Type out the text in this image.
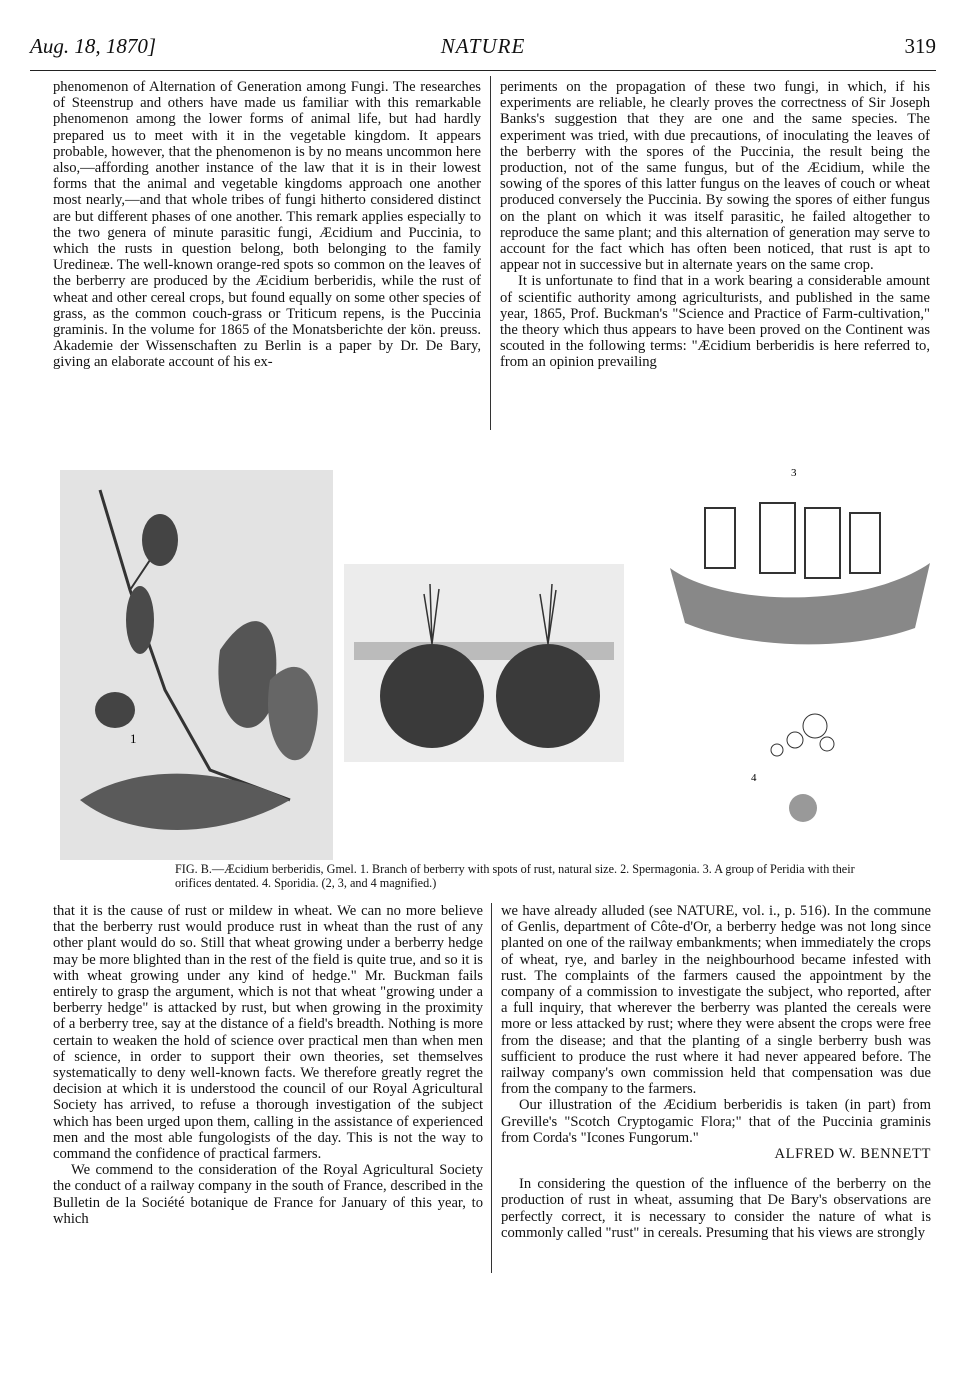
Aug. 18, 1870]	NATURE	319

phenomenon of Alternation of Generation among Fungi. The researches of Steenstrup and others have made us familiar with this remarkable phenomenon among the lower forms of animal life, but had hardly prepared us to meet with it in the vegetable kingdom. It appears probable, however, that the phenomenon is by no means uncommon here also,—affording another instance of the law that it is in their lowest forms that the animal and vegetable kingdoms approach one another most nearly,—and that whole tribes of fungi hitherto considered distinct are but different phases of one another. This remark applies especially to the two genera of minute parasitic fungi, Æcidium and Puccinia, to which the rusts in question belong, both belonging to the family Uredineæ. The well-known orange-red spots so common on the leaves of the berberry are produced by the Æcidium berberidis, while the rust of wheat and other cereal crops, but found equally on some other species of grass, as the common couch-grass or Triticum repens, is the Puccinia graminis. In the volume for 1865 of the Monatsberichte der kön. preuss. Akademie der Wissenschaften zu Berlin is a paper by Dr. De Bary, giving an elaborate account of his ex-

periments on the propagation of these two fungi, in which, if his experiments are reliable, he clearly proves the correctness of Sir Joseph Banks's suggestion that they are one and the same species. The experiment was tried, with due precautions, of inoculating the leaves of the berberry with the spores of the Puccinia, the result being the production, not of the same fungus, but of the Æcidium, while the sowing of the spores of this latter fungus on the leaves of couch or wheat produced conversely the Puccinia. By sowing the spores of either fungus on the plant on which it was itself parasitic, he failed altogether to reproduce the same plant; and this alternation of generation may serve to account for the fact which has often been noticed, that rust is apt to appear not in successive but in alternate years on the same crop.

It is unfortunate to find that in a work bearing a considerable amount of scientific authority among agriculturists, and published in the same year, 1865, Prof. Buckman's "Science and Practice of Farm-cultivation," the theory which thus appears to have been proved on the Continent was scouted in the following terms: "Æcidium berberidis is here referred to, from an opinion prevailing

1
3
4
FIG. B.—Æcidium berberidis, Gmel. 1. Branch of berberry with spots of rust, natural size. 2. Spermagonia. 3. A group of Peridia with their orifices dentated. 4. Sporidia. (2, 3, and 4 magnified.)

that it is the cause of rust or mildew in wheat. We can no more believe that the berberry rust would produce rust in wheat than the rust of any other plant would do so. Still that wheat growing under a berberry hedge may be more blighted than in the rest of the field is quite true, and so it is with wheat growing under any kind of hedge." Mr. Buckman fails entirely to grasp the argument, which is not that wheat "growing under a berberry hedge" is attacked by rust, but when growing in the proximity of a berberry tree, say at the distance of a field's breadth. Nothing is more certain to weaken the hold of science over practical men than when men of science, in order to support their own theories, set themselves systematically to deny well-known facts. We therefore greatly regret the decision at which it is understood the council of our Royal Agricultural Society has arrived, to refuse a thorough investigation of the subject which has been urged upon them, calling in the assistance of experienced men and the most able fungologists of the day. This is not the way to command the confidence of practical farmers.

We commend to the consideration of the Royal Agricultural Society the conduct of a railway company in the south of France, described in the Bulletin de la Société botanique de France for January of this year, to which

we have already alluded (see NATURE, vol. i., p. 516). In the commune of Genlis, department of Côte-d'Or, a berberry hedge was not long since planted on one of the railway embankments; when immediately the crops of wheat, rye, and barley in the neighbourhood became infested with rust. The complaints of the farmers caused the appointment by the company of a commission to investigate the subject, who reported, after a full inquiry, that wherever the berberry was planted the cereals were more or less attacked by rust; where they were absent the crops were free from the disease; and that the planting of a single berberry bush was sufficient to produce the rust where it had never appeared before. The railway company's own commission held that compensation was due from the company to the farmers.

Our illustration of the Æcidium berberidis is taken (in part) from Greville's "Scotch Cryptogamic Flora;" that of the Puccinia graminis from Corda's "Icones Fungorum."

ALFRED W. BENNETT

In considering the question of the influence of the berberry on the production of rust in wheat, assuming that De Bary's observations are perfectly correct, it is necessary to consider the nature of what is commonly called "rust" in cereals. Presuming that his views are strongly
